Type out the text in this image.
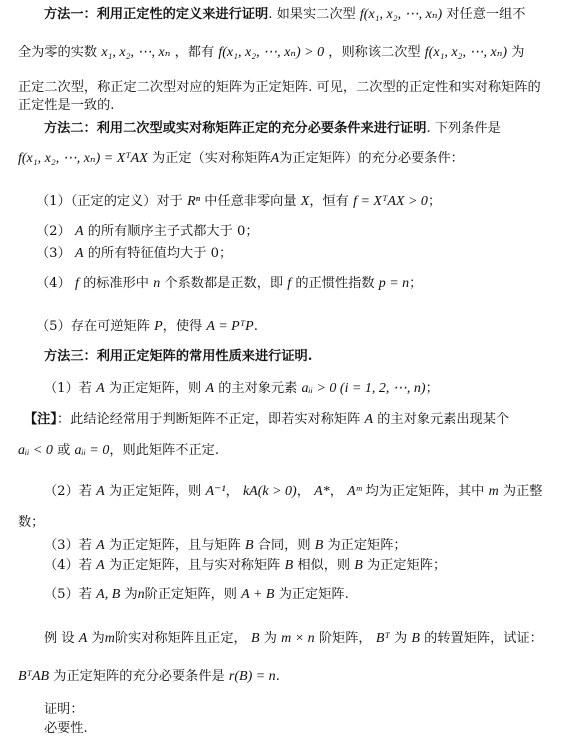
方法一：利用正定性的定义来进行证明. 如果实二次型 f(x₁, x₂, ⋯, xₙ) 对任意一组不
全为零的实数 x₁, x₂, ⋯, xₙ ，都有 f(x₁, x₂, ⋯, xₙ) > 0 ，则称该二次型 f(x₁, x₂, ⋯, xₙ) 为
正定二次型，称正定二次型对应的矩阵为正定矩阵. 可见，二次型的正定性和实对称矩阵的
正定性是一致的.
方法二：利用二次型或实对称矩阵正定的充分必要条件来进行证明. 下列条件是
f(x₁, x₂, ⋯, xₙ) = XᵀAX 为正定（实对称矩阵A为正定矩阵）的充分必要条件：
（1）（正定的定义）对于 Rⁿ 中任意非零向量 X，恒有 f = XᵀAX > 0；
（2） A 的所有顺序主子式都大于 0；
（3） A 的所有特征值均大于 0；
（4） f 的标准形中 n 个系数都是正数，即 f 的正惯性指数 p = n；
（5）存在可逆矩阵 P，使得 A = PᵀP.
方法三：利用正定矩阵的常用性质来进行证明.
（1）若 A 为正定矩阵，则 A 的主对象元素 aᵢᵢ > 0 (i = 1, 2, ⋯, n)；
【注】：此结论经常用于判断矩阵不正定，即若实对称矩阵 A 的主对象元素出现某个
aᵢᵢ < 0 或 aᵢᵢ = 0，则此矩阵不正定.
（2）若 A 为正定矩阵，则 A⁻¹， kA(k > 0)， A*， Aᵐ 均为正定矩阵，其中 m 为正整
数；
（3）若 A 为正定矩阵，且与矩阵 B 合同，则 B 为正定矩阵；
（4）若 A 为正定矩阵，且与实对称矩阵 B 相似，则 B 为正定矩阵；
（5）若 A, B 为n阶正定矩阵，则 A + B 为正定矩阵.
例 设 A 为m阶实对称矩阵且正定， B 为 m × n 阶矩阵， Bᵀ 为 B 的转置矩阵，试证：
BᵀAB 为正定矩阵的充分必要条件是 r(B) = n.
证明：
必要性.
